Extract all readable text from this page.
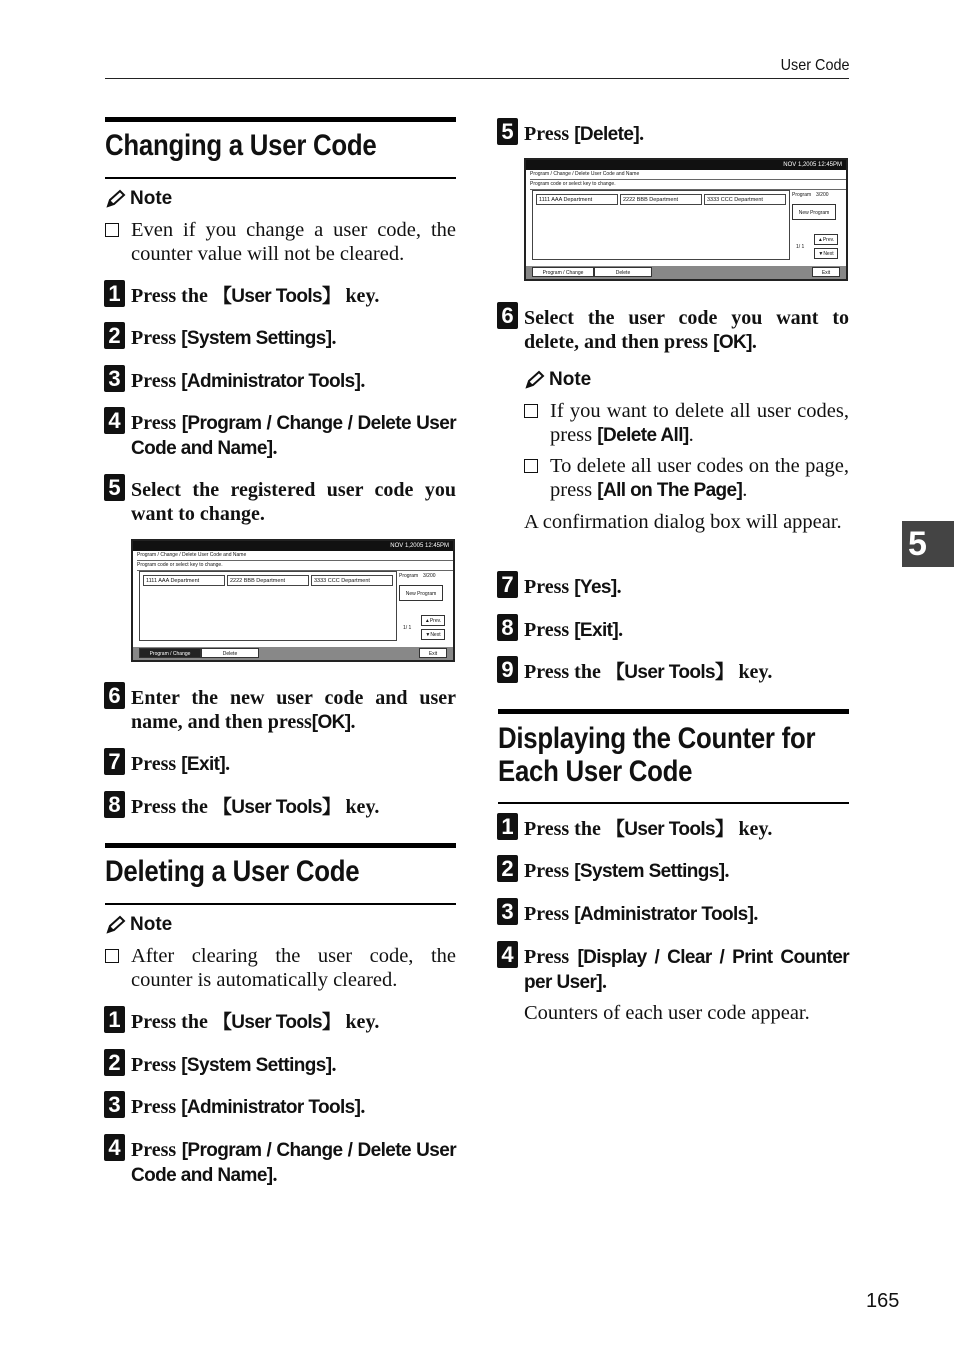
User Code
Changing a User Code
Note
Even if you change a user code, the counter value will not be cleared.
1 Press the 【User Tools】 key.
2 Press [System Settings].
3 Press [Administrator Tools].
4 Press [Program / Change / Delete User Code and Name].
5 Select the registered user code you want to change.
NOV 1,2005 12:45PM
Program / Change / Delete User Code and Name
Program code or select key to change.
1111 AAA Department	2222 BBB Department	3333 CCC Department
Program 3/200
New Program
1/ 1
▲Prev.
▼Next
Program / Change	Delete	Exit
6 Enter the new user code and user name, and then press[OK].
7 Press [Exit].
8 Press the 【User Tools】 key.
Deleting a User Code
Note
After clearing the user code, the counter is automatically cleared.
1 Press the 【User Tools】 key.
2 Press [System Settings].
3 Press [Administrator Tools].
4 Press [Program / Change / Delete User Code and Name].
5 Press [Delete].
NOV 1,2005 12:45PM
Program / Change / Delete User Code and Name
Program code or select key to change.
1111 AAA Department	2222 BBB Department	3333 CCC Department
Program 3/200
New Program
1/ 1
▲Prev.
▼Next
Program / Change	Delete	Exit
6 Select the user code you want to delete, and then press [OK].
Note
If you want to delete all user codes, press [Delete All].
To delete all user codes on the page, press [All on The Page].
A confirmation dialog box will appear.
7 Press [Yes].
8 Press [Exit].
9 Press the 【User Tools】 key.
Displaying the Counter for
Each User Code
1 Press the 【User Tools】 key.
2 Press [System Settings].
3 Press [Administrator Tools].
4 Press [Display / Clear / Print Counter per User].
Counters of each user code appear.
5
165
